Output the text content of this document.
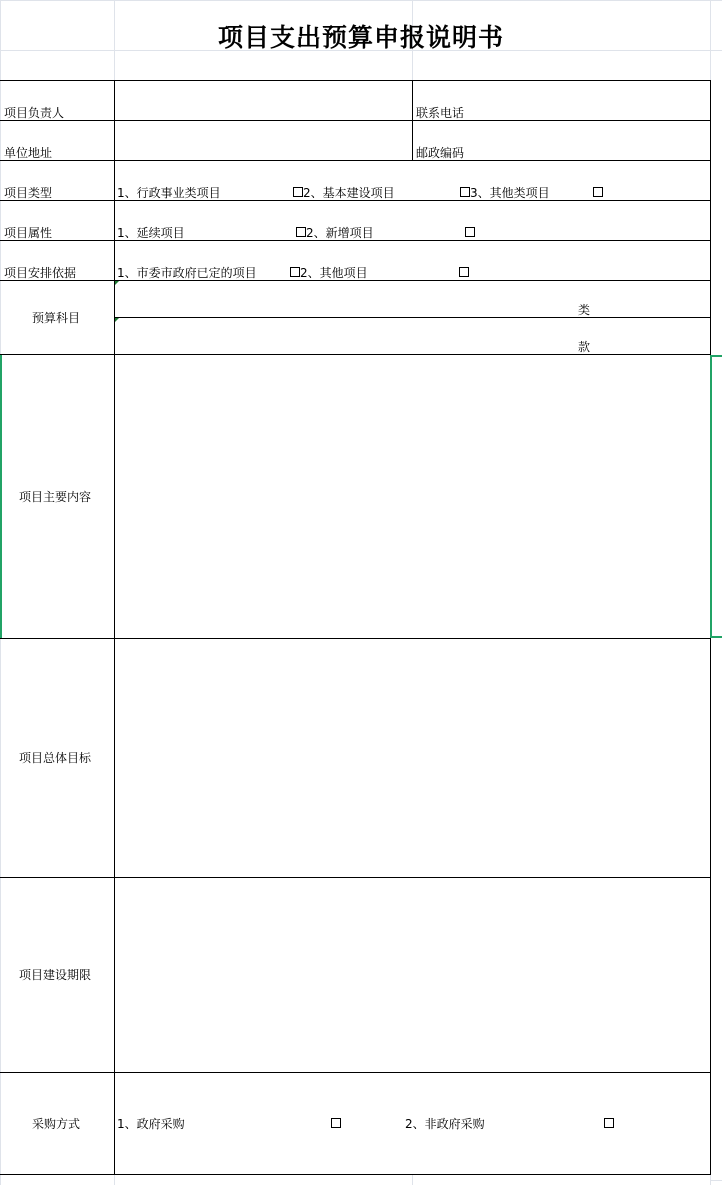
项目支出预算申报说明书
项目负责人	联系电话
单位地址	邮政编码
项目类型	1、行政事业类项目	2、基本建设项目	3、其他类项目
项目属性	1、延续项目	2、新增项目
项目安排依据	1、市委市政府已定的项目	2、其他项目
预算科目
类
款
项目主要内容
项目总体目标
项目建设期限
采购方式	1、政府采购	2、非政府采购
